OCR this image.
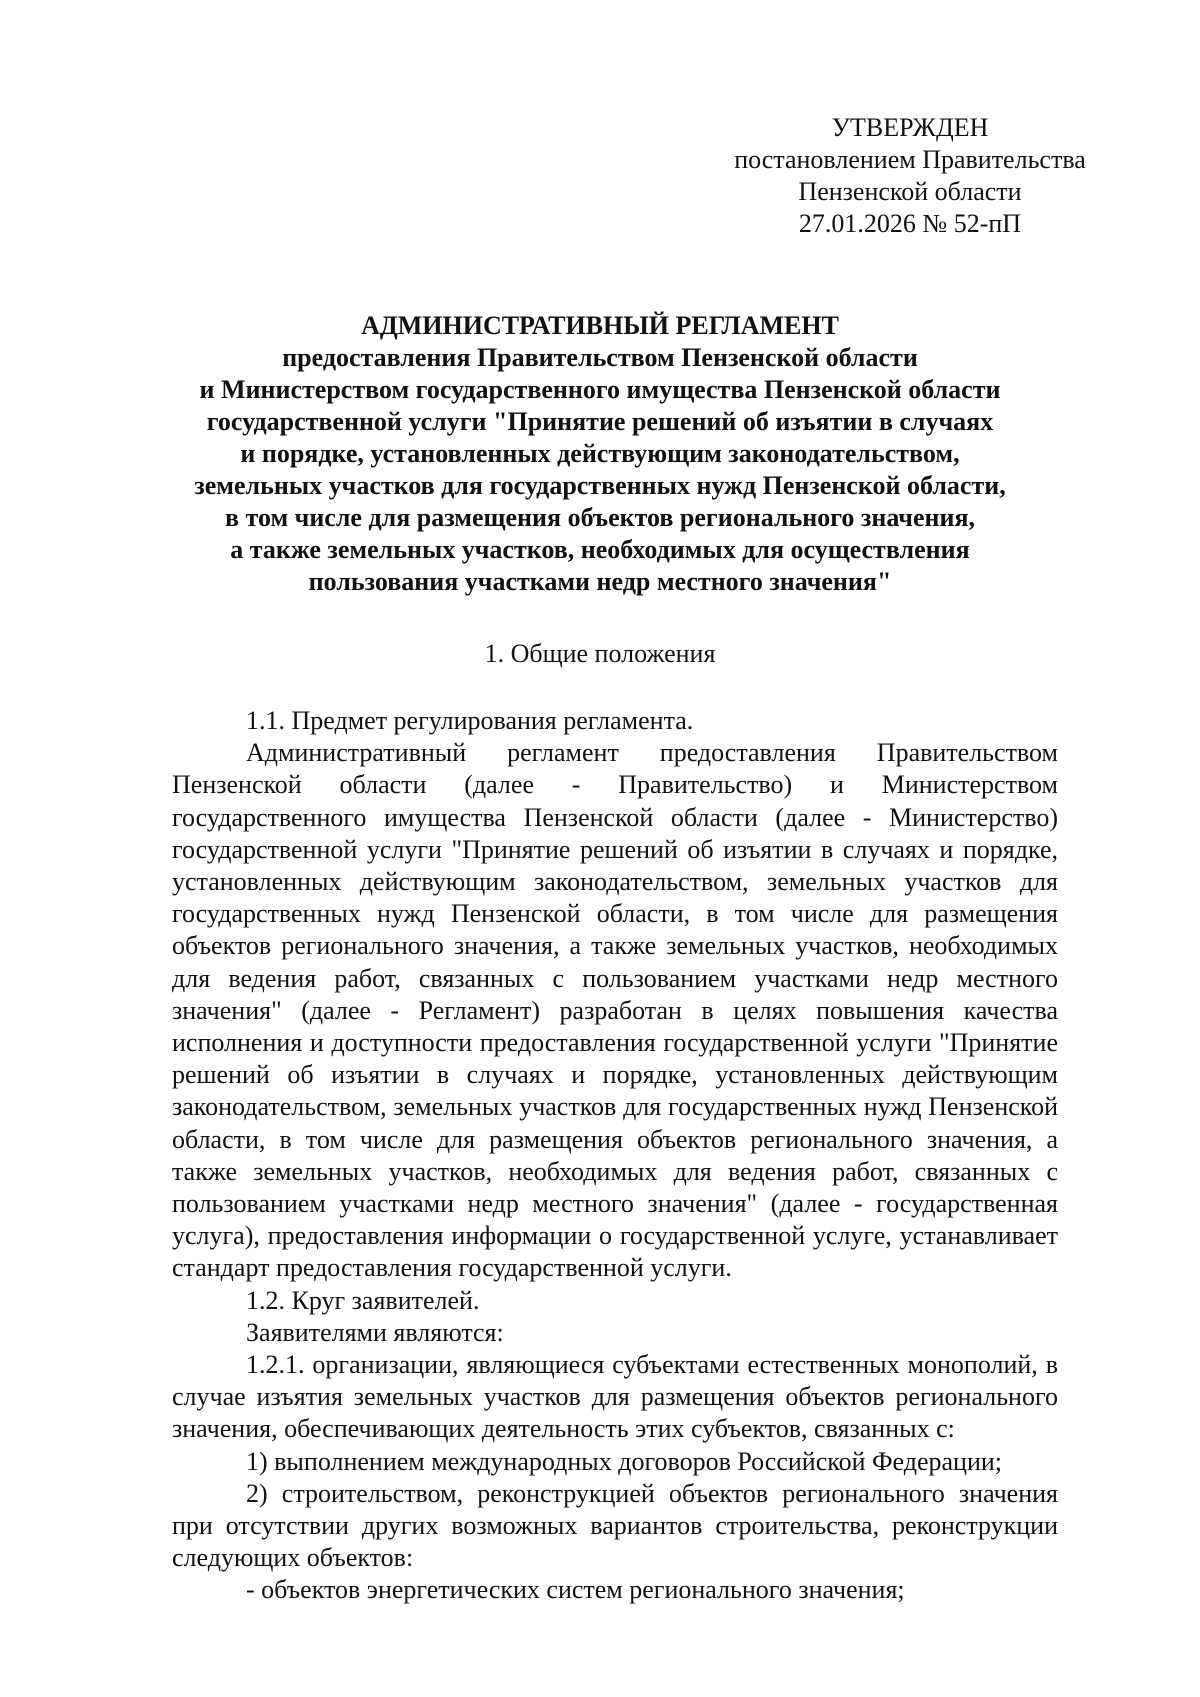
УТВЕРЖДЕН
постановлением Правительства
Пензенской области
27.01.2026 № 52-пП
АДМИНИСТРАТИВНЫЙ РЕГЛАМЕНТ
предоставления Правительством Пензенской области
и Министерством государственного имущества Пензенской области
государственной услуги "Принятие решений об изъятии в случаях
и порядке, установленных действующим законодательством,
земельных участков для государственных нужд Пензенской области,
в том числе для размещения объектов регионального значения,
а также земельных участков, необходимых для осуществления
пользования участками недр местного значения"
1. Общие положения

1.1. Предмет регулирования регламента.

Административный регламент предоставления Правительством Пензенской области (далее - Правительство) и Министерством государственного имущества Пензенской области (далее - Министерство) государственной услуги "Принятие решений об изъятии в случаях и порядке, установленных действующим законодательством, земельных участков для государственных нужд Пензенской области, в том числе для размещения объектов регионального значения, а также земельных участков, необходимых для ведения работ, связанных с пользованием участками недр местного значения" (далее - Регламент) разработан в целях повышения качества исполнения и доступности предоставления государственной услуги "Принятие решений об изъятии в случаях и порядке, установленных действующим законодательством, земельных участков для государственных нужд Пензенской области, в том числе для размещения объектов регионального значения, а также земельных участков, необходимых для ведения работ, связанных с пользованием участками недр местного значения" (далее - государственная услуга), предоставления информации о государственной услуге, устанавливает стандарт предоставления государственной услуги.

1.2. Круг заявителей.

Заявителями являются:

1.2.1. организации, являющиеся субъектами естественных монополий, в случае изъятия земельных участков для размещения объектов регионального значения, обеспечивающих деятельность этих субъектов, связанных с:

1) выполнением международных договоров Российской Федерации;

2) строительством, реконструкцией объектов регионального значения при отсутствии других возможных вариантов строительства, реконструкции следующих объектов:

- объектов энергетических систем регионального значения;
